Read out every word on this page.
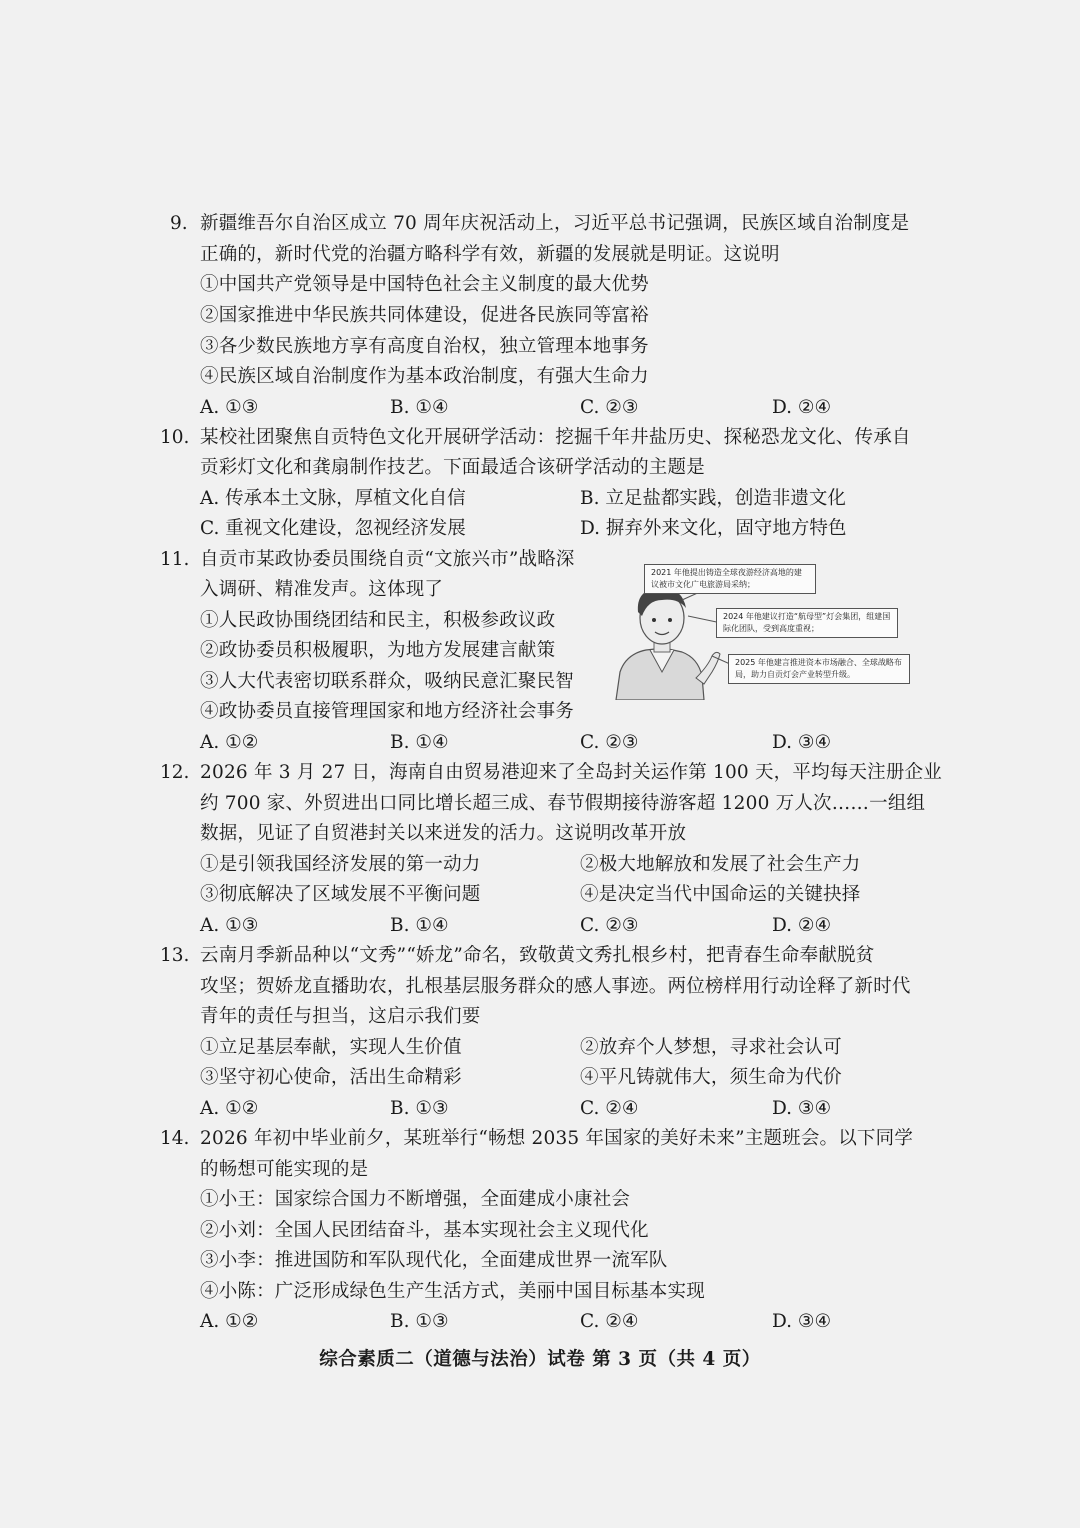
9. 新疆维吾尔自治区成立 70 周年庆祝活动上，习近平总书记强调，民族区域自治制度是
正确的，新时代党的治疆方略科学有效，新疆的发展就是明证。这说明
①中国共产党领导是中国特色社会主义制度的最大优势
②国家推进中华民族共同体建设，促进各民族同等富裕
③各少数民族地方享有高度自治权，独立管理本地事务
④民族区域自治制度作为基本政治制度，有强大生命力
A. ①③	B. ①④	C. ②③	D. ②④
10. 某校社团聚焦自贡特色文化开展研学活动：挖掘千年井盐历史、探秘恐龙文化、传承自
贡彩灯文化和龚扇制作技艺。下面最适合该研学活动的主题是
A. 传承本土文脉，厚植文化自信	B. 立足盐都实践，创造非遗文化
C. 重视文化建设，忽视经济发展	D. 摒弃外来文化，固守地方特色
11. 自贡市某政协委员围绕自贡“文旅兴市”战略深
入调研、精准发声。这体现了
①人民政协围绕团结和民主，积极参政议政
②政协委员积极履职，为地方发展建言献策
③人大代表密切联系群众，吸纳民意汇聚民智
④政协委员直接管理国家和地方经济社会事务
A. ①②	B. ①④	C. ②③	D. ③④
2021 年他提出铸造全球夜游经济高地的建议被市文化广电旅游局采纳；
2024 年他建议打造“航母型”灯会集团，组建国际化团队，受到高度重视；
2025 年他建言推进资本市场融合、全球战略布局，助力自贡灯会产业转型升级。
12. 2026 年 3 月 27 日，海南自由贸易港迎来了全岛封关运作第 100 天，平均每天注册企业
约 700 家、外贸进出口同比增长超三成、春节假期接待游客超 1200 万人次……一组组
数据，见证了自贸港封关以来迸发的活力。这说明改革开放
①是引领我国经济发展的第一动力	②极大地解放和发展了社会生产力
③彻底解决了区域发展不平衡问题	④是决定当代中国命运的关键抉择
A. ①③	B. ①④	C. ②③	D. ②④
13. 云南月季新品种以“文秀”“娇龙”命名，致敬黄文秀扎根乡村，把青春生命奉献脱贫
攻坚；贺娇龙直播助农，扎根基层服务群众的感人事迹。两位榜样用行动诠释了新时代
青年的责任与担当，这启示我们要
①立足基层奉献，实现人生价值	②放弃个人梦想，寻求社会认可
③坚守初心使命，活出生命精彩	④平凡铸就伟大，须生命为代价
A. ①②	B. ①③	C. ②④	D. ③④
14. 2026 年初中毕业前夕，某班举行“畅想 2035 年国家的美好未来”主题班会。以下同学
的畅想可能实现的是
①小王：国家综合国力不断增强，全面建成小康社会
②小刘：全国人民团结奋斗，基本实现社会主义现代化
③小李：推进国防和军队现代化，全面建成世界一流军队
④小陈：广泛形成绿色生产生活方式，美丽中国目标基本实现
A. ①②	B. ①③	C. ②④	D. ③④
综合素质二（道德与法治）试卷 第 3 页（共 4 页）
